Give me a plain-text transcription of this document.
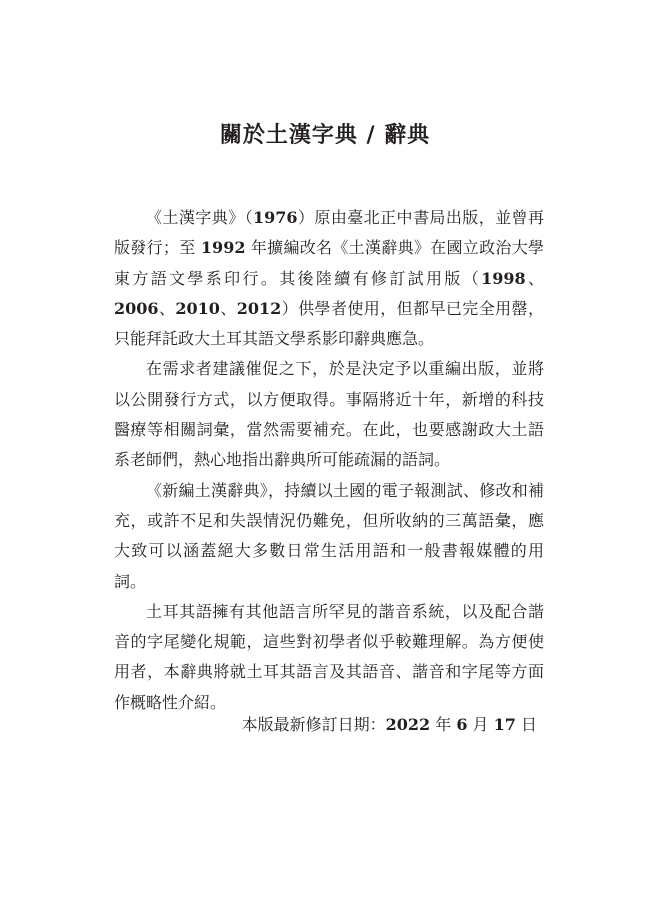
關於土漢字典 / 辭典

《土漢字典》（1976）原由臺北正中書局出版，並曾再版發行；至 1992 年擴編改名《土漢辭典》在國立政治大學東方語文學系印行。其後陸續有修訂試用版（1998、2006、2010、2012）供學者使用，但都早已完全用罄，只能拜託政大土耳其語文學系影印辭典應急。

在需求者建議催促之下，於是決定予以重編出版，並將以公開發行方式，以方便取得。事隔將近十年，新增的科技醫療等相關詞彙，當然需要補充。在此，也要感謝政大土語系老師們，熱心地指出辭典所可能疏漏的語詞。

《新編土漢辭典》，持續以土國的電子報測試、修改和補充，或許不足和失誤情況仍難免，但所收納的三萬語彙，應大致可以涵蓋絕大多數日常生活用語和一般書報媒體的用詞。

土耳其語擁有其他語言所罕見的諧音系統，以及配合諧音的字尾變化規範，這些對初學者似乎較難理解。為方便使用者，本辭典將就土耳其語言及其語音、諧音和字尾等方面作概略性介紹。

本版最新修訂日期：2022 年 6 月 17 日
